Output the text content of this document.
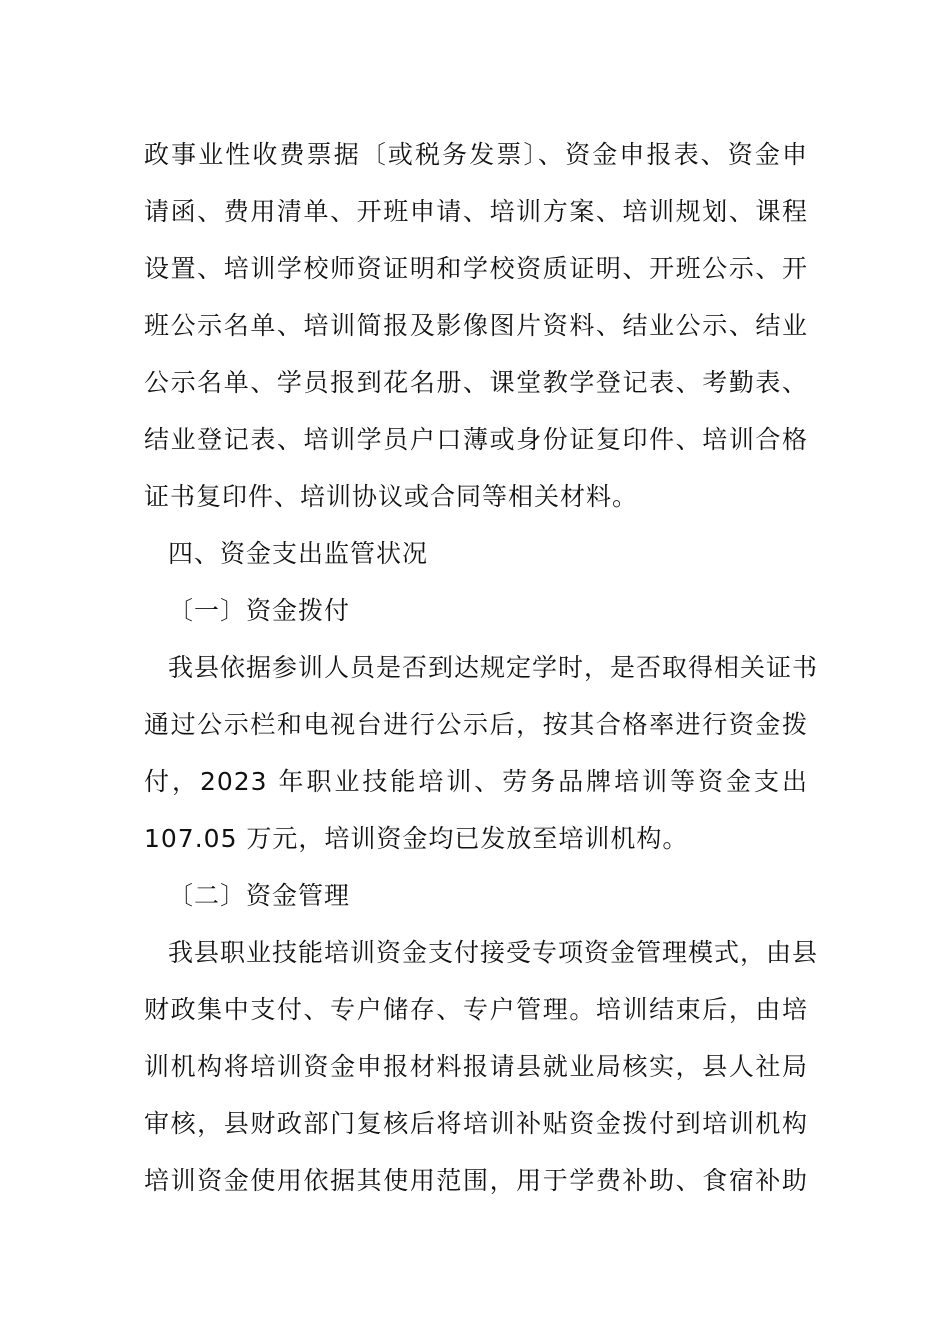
政事业性收费票据〔或税务发票〕、资金申报表、资金申
请函、费用清单、开班申请、培训方案、培训规划、课程
设置、培训学校师资证明和学校资质证明、开班公示、开
班公示名单、培训简报及影像图片资料、结业公示、结业
公示名单、学员报到花名册、课堂教学登记表、考勤表、
结业登记表、培训学员户口薄或身份证复印件、培训合格
证书复印件、培训协议或合同等相关材料。
四、资金支出监管状况
〔一〕资金拨付
我县依据参训人员是否到达规定学时，是否取得相关证书
通过公示栏和电视台进行公示后，按其合格率进行资金拨
付，2023 年职业技能培训、劳务品牌培训等资金支出
107.05 万元，培训资金均已发放至培训机构。
〔二〕资金管理
我县职业技能培训资金支付接受专项资金管理模式，由县
财政集中支付、专户储存、专户管理。培训结束后，由培
训机构将培训资金申报材料报请县就业局核实，县人社局
审核，县财政部门复核后将培训补贴资金拨付到培训机构
培训资金使用依据其使用范围，用于学费补助、食宿补助
